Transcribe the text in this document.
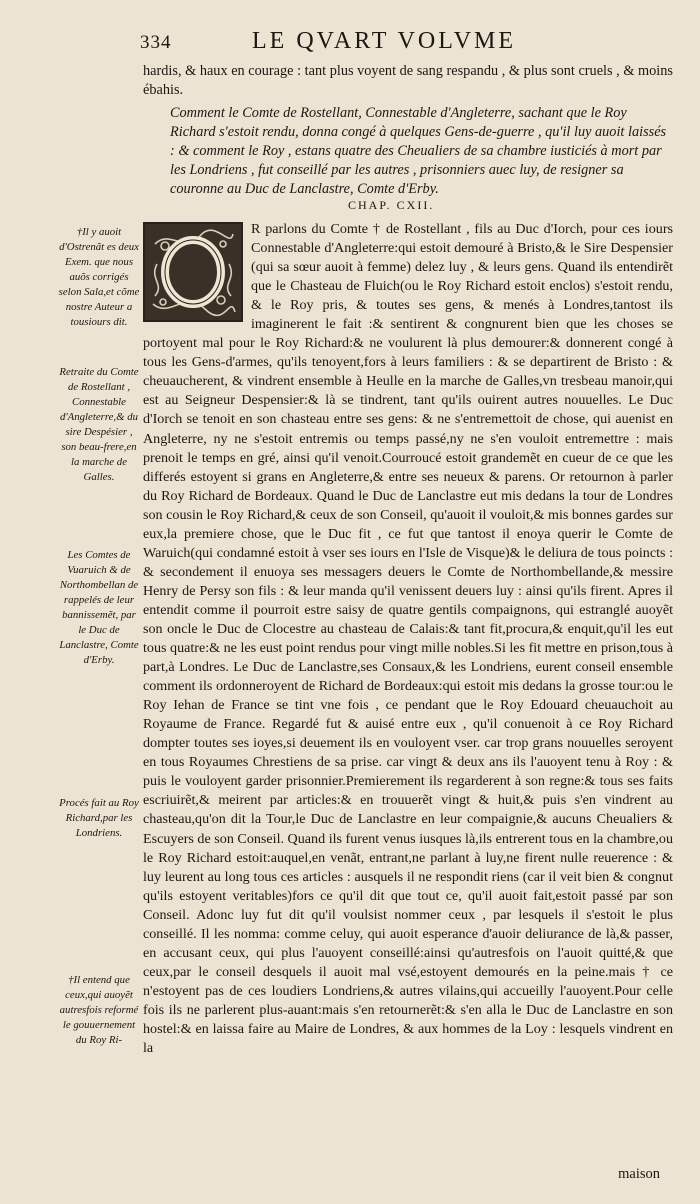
334	LE QVART VOLVME

hardis, & haux en courage : tant plus voyent de sang respandu , & plus sont cruels , & moins ébahis.

Comment le Comte de Rostellant, Connestable d'Angleterre, sachant que le Roy Richard s'estoit rendu, donna congé à quelques Gens-de-guerre , qu'il luy auoit laissés : & comment le Roy , estans quatre des Cheualiers de sa chambre iusticiés à mort par les Londriens , fut conseillé par les autres , prisonniers auec luy, de resigner sa couronne au Duc de Lanclastre, Comte d'Erby.
CHAP. CXII.

R parlons du Comte † de Rostellant , fils au Duc d'Iorch, pour ces iours Connestable d'Angleterre:qui estoit demouré à Bristo,& le Sire Despensier (qui sa sœur auoit à femme) delez luy , & leurs gens. Quand ils entendirẽt que le Chasteau de Fluich(ou le Roy Richard estoit enclos) s'estoit rendu, & le Roy pris, & toutes ses gens, & menés à Londres,tantost ils imaginerent le fait :& sentirent & congnurent bien que les choses se portoyent mal pour le Roy Richard:& ne voulurent là plus demourer:& donnerent congé à tous les Gens-d'armes, qu'ils tenoyent,fors à leurs familiers : & se departirent de Bristo : & cheuaucherent, & vindrent ensemble à Heulle en la marche de Galles,vn tresbeau manoir,qui est au Seigneur Despensier:& là se tindrent, tant qu'ils ouirent autres nouuelles. Le Duc d'Iorch se tenoit en son chasteau entre ses gens: & ne s'entremettoit de chose, qui auenist en Angleterre, ny ne s'estoit entremis ou temps passé,ny ne s'en vouloit entremettre : mais prenoit le temps en gré, ainsi qu'il venoit.Courroucé estoit grandemẽt en cueur de ce que les differés estoyent si grans en Angleterre,& entre ses neueux & parens. Or retournon à parler du Roy Richard de Bordeaux. Quand le Duc de Lanclastre eut mis dedans la tour de Londres son cousin le Roy Richard,& ceux de son Conseil, qu'auoit il vouloit,& mis bonnes gardes sur eux,la premiere chose, que le Duc fit , ce fut que tantost il enoya querir le Comte de Waruich(qui condamné estoit à vser ses iours en l'Isle de Visque)& le deliura de tous poincts : & secondement il enuoya ses messagers deuers le Comte de Northombellande,& messire Henry de Persy son fils : & leur manda qu'il venissent deuers luy : ainsi qu'ils firent. Apres il entendit comme il pourroit estre saisy de quatre gentils compaignons, qui estranglé auoyẽt son oncle le Duc de Clocestre au chasteau de Calais:& tant fit,procura,& enquit,qu'il les eut tous quatre:& ne les eust point rendus pour vingt mille nobles.Si les fit mettre en prison,tous à part,à Londres. Le Duc de Lanclastre,ses Consaux,& les Londriens, eurent conseil ensemble comment ils ordonneroyent de Richard de Bordeaux:qui estoit mis dedans la grosse tour:ou le Roy Iehan de France se tint vne fois , ce pendant que le Roy Edouard cheuauchoit au Royaume de France. Regardé fut & auisé entre eux , qu'il conuenoit à ce Roy Richard dompter toutes ses ioyes,si deuement ils en vouloyent vser. car trop grans nouuelles seroyent en tous Royaumes Chrestiens de sa prise. car vingt & deux ans ils l'auoyent tenu à Roy : & puis le vouloyent garder prisonnier.Premierement ils regarderent à son regne:& tous ses faits escriuirẽt,& meirent par articles:& en trouuerẽt vingt & huit,& puis s'en vindrent au chasteau,qu'on dit la Tour,le Duc de Lanclastre en leur compaignie,& aucuns Cheualiers & Escuyers de son Conseil. Quand ils furent venus iusques là,ils entrerent tous en la chambre,ou le Roy Richard estoit:auquel,en venãt, entrant,ne parlant à luy,ne firent nulle reuerence : & luy leurent au long tous ces articles : ausquels il ne respondit riens (car il veit bien & congnut qu'ils estoyent veritables)fors ce qu'il dit que tout ce, qu'il auoit fait,estoit passé par son Conseil. Adonc luy fut dit qu'il voulsist nommer ceux , par lesquels il s'estoit le plus conseillé. Il les nomma: comme celuy, qui auoit esperance d'auoir deliurance de là,& passer, en accusant ceux, qui plus l'auoyent conseillé:ainsi qu'autresfois on l'auoit quitté,& que ceux,par le conseil desquels il auoit mal vsé,estoyent demourés en la peine.mais † ce n'estoyent pas de ces loudiers Londriens,& autres vilains,qui accueilly l'auoyent.Pour celle fois ils ne parlerent plus-auant:mais s'en retournerẽt:& s'en alla le Duc de Lanclastre en son hostel:& en laissa faire au Maire de Londres, & aux hommes de la Loy : lesquels vindrent en la

maison
†Il y auoit d'Ostrenãt es deux Exem. que nous auõs corrigés selon Sala,et cõme nostre Auteur a tousiours dit.
Retraite du Comte de Rostellant , Connestable d'Angleterre,& du sire Despésier , son beau-frere,en la marche de Galles.
Les Comtes de Vuaruich & de Northombellan de rappelés de leur bannissemẽt, par le Duc de Lanclastre, Comte d'Erby.
Procés fait au Roy Richard,par les Londriens.
†Il entend que ceux,qui auoyẽt autresfois reformé le gouuernement du Roy Ri-
